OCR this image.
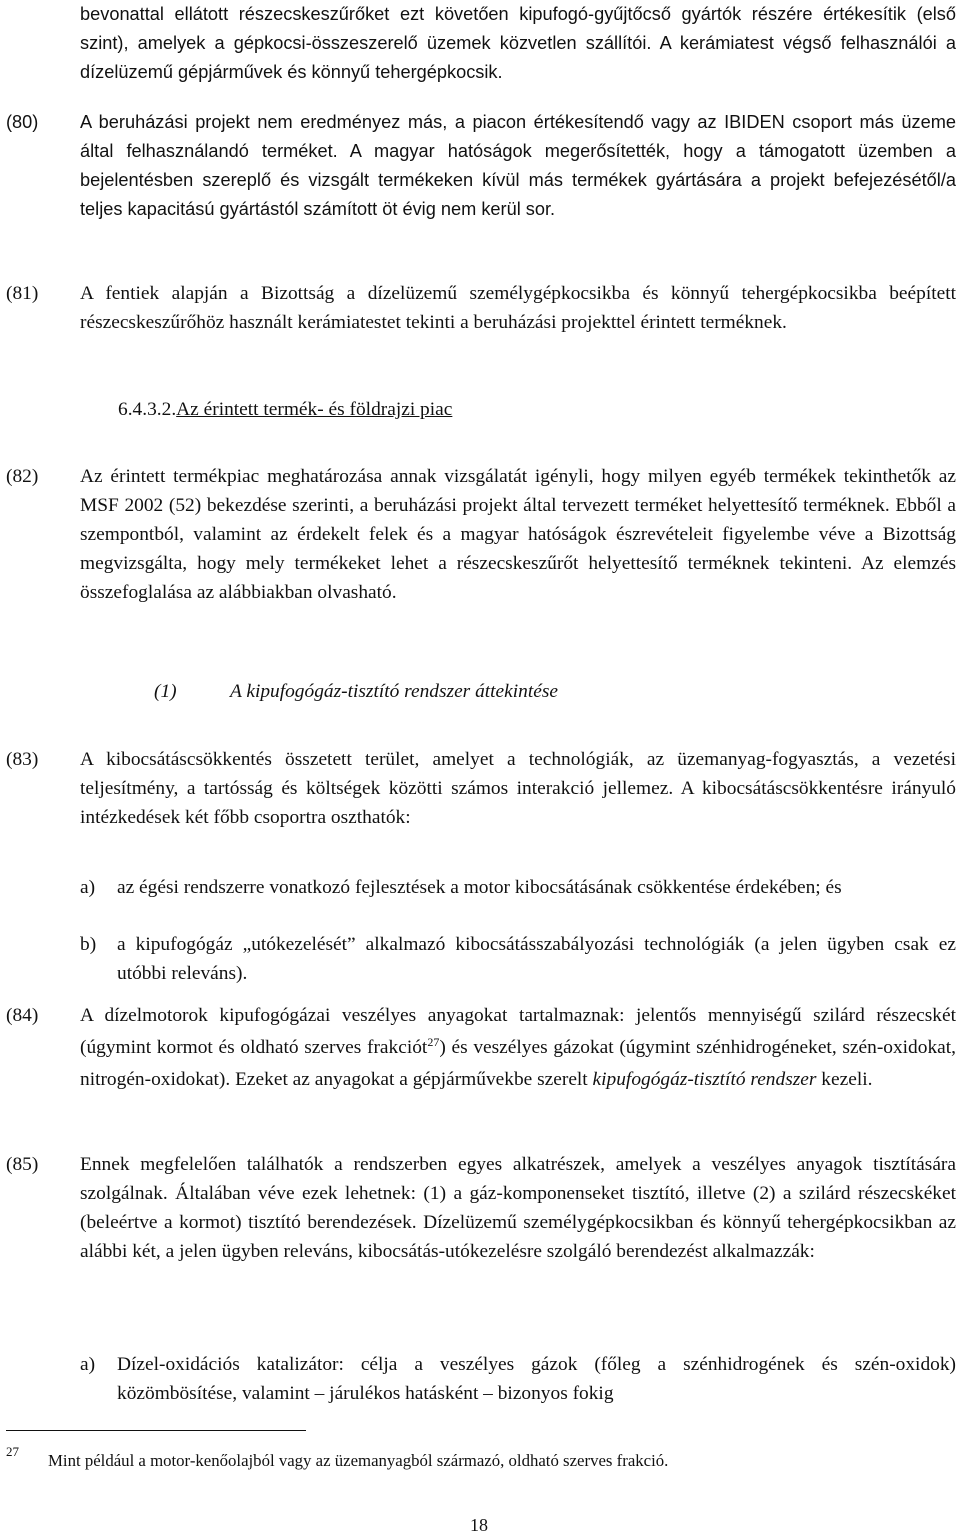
bevonattal ellátott részecskeszűrőket ezt követően kipufogó-gyűjtőcső gyártók részére értékesítik (első szint), amelyek a gépkocsi-összeszerelő üzemek közvetlen szállítói. A kerámiatest végső felhasználói a dízelüzemű gépjárművek és könnyű tehergépkocsik.
(80)	A beruházási projekt nem eredményez más, a piacon értékesítendő vagy az IBIDEN csoport más üzeme által felhasználandó terméket. A magyar hatóságok megerősítették, hogy a támogatott üzemben a bejelentésben szereplő és vizsgált termékeken kívül más termékek gyártására a projekt befejezésétől/a teljes kapacitású gyártástól számított öt évig nem kerül sor.
(81)	A fentiek alapján a Bizottság a dízelüzemű személygépkocsikba és könnyű tehergépkocsikba beépített részecskeszűrőhöz használt kerámiatestet tekinti a beruházási projekttel érintett terméknek.
6.4.3.2.Az érintett termék- és földrajzi piac
(82)	Az érintett termékpiac meghatározása annak vizsgálatát igényli, hogy milyen egyéb termékek tekinthetők az MSF 2002 (52) bekezdése szerinti, a beruházási projekt által tervezett terméket helyettesítő terméknek. Ebből a szempontból, valamint az érdekelt felek és a magyar hatóságok észrevételeit figyelembe véve a Bizottság megvizsgálta, hogy mely termékeket lehet a részecskeszűrőt helyettesítő terméknek tekinteni. Az elemzés összefoglalása az alábbiakban olvasható.
(1)	A kipufogógáz-tisztító rendszer áttekintése
(83)	A kibocsátáscsökkentés összetett terület, amelyet a technológiák, az üzemanyag-fogyasztás, a vezetési teljesítmény, a tartósság és költségek közötti számos interakció jellemez. A kibocsátáscsökkentésre irányuló intézkedések két főbb csoportra oszthatók:
a)	az égési rendszerre vonatkozó fejlesztések a motor kibocsátásának csökkentése érdekében; és
b)	a kipufogógáz „utókezelését” alkalmazó kibocsátásszabályozási technológiák (a jelen ügyben csak ez utóbbi releváns).
(84)	A dízelmotorok kipufogógázai veszélyes anyagokat tartalmaznak: jelentős mennyiségű szilárd részecskét (úgymint kormot és oldható szerves frakciót$^{27}$) és veszélyes gázokat (úgymint szénhidrogéneket, szén-oxidokat, nitrogén-oxidokat). Ezeket az anyagokat a gépjárművekbe szerelt kipufogógáz-tisztító rendszer kezeli.
(85)	Ennek megfelelően találhatók a rendszerben egyes alkatrészek, amelyek a veszélyes anyagok tisztítására szolgálnak. Általában véve ezek lehetnek: (1) a gáz-komponenseket tisztító, illetve (2) a szilárd részecskéket (beleértve a kormot) tisztító berendezések. Dízelüzemű személygépkocsikban és könnyű tehergépkocsikban az alábbi két, a jelen ügyben releváns, kibocsátás-utókezelésre szolgáló berendezést alkalmazzák:
a)	Dízel-oxidációs katalizátor: célja a veszélyes gázok (főleg a szénhidrogének és szén-oxidok) közömbösítése, valamint – járulékos hatásként – bizonyos fokig
27 Mint például a motor-kenőolajból vagy az üzemanyagból származó, oldható szerves frakció.
18
